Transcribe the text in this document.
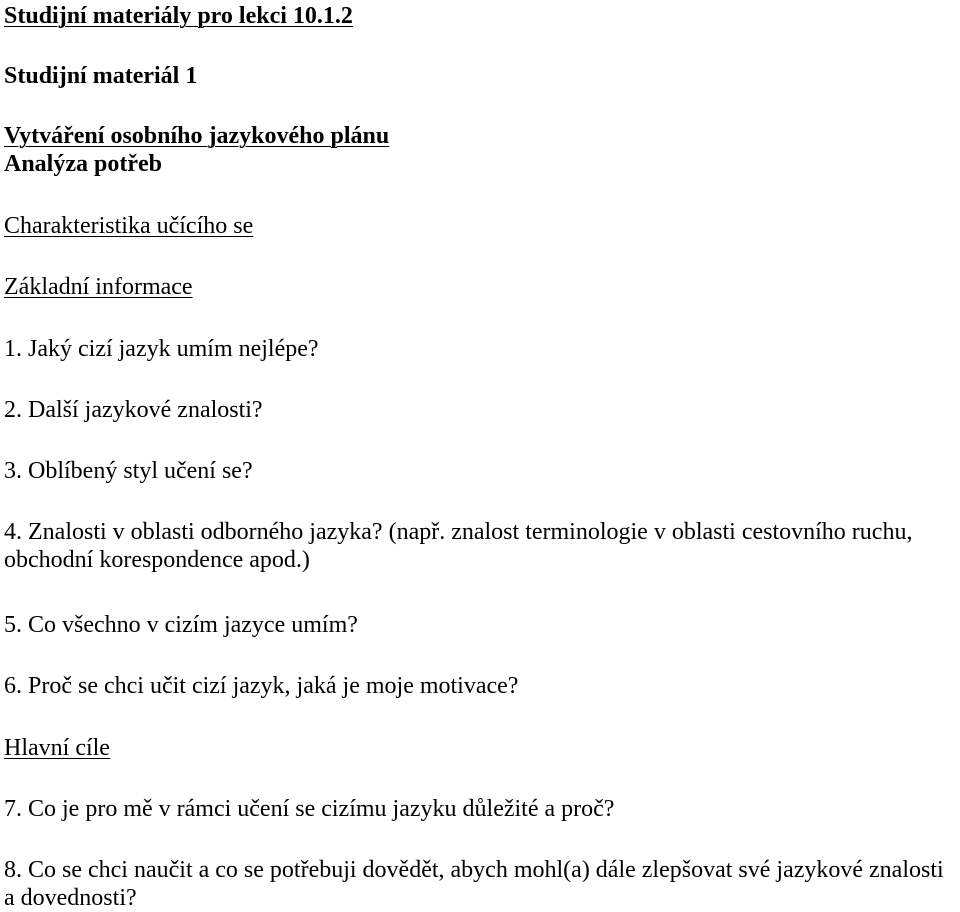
Studijní materiály pro lekci 10.1.2
Studijní materiál 1
Vytváření osobního jazykového plánu
Analýza potřeb
Charakteristika učícího se
Základní informace
1. Jaký cizí jazyk umím nejlépe?
2. Další jazykové znalosti?
3. Oblíbený styl učení se?
4. Znalosti v oblasti odborného jazyka? (např. znalost terminologie v oblasti cestovního ruchu, obchodní korespondence apod.)
5. Co všechno v cizím jazyce umím?
6. Proč se chci učit cizí jazyk, jaká je moje motivace?
Hlavní cíle
7. Co je pro mě v rámci učení se cizímu jazyku důležité a proč?
8. Co se chci naučit a co se potřebuji dovědět, abych mohl(a) dále zlepšovat své jazykové znalosti a dovednosti?
